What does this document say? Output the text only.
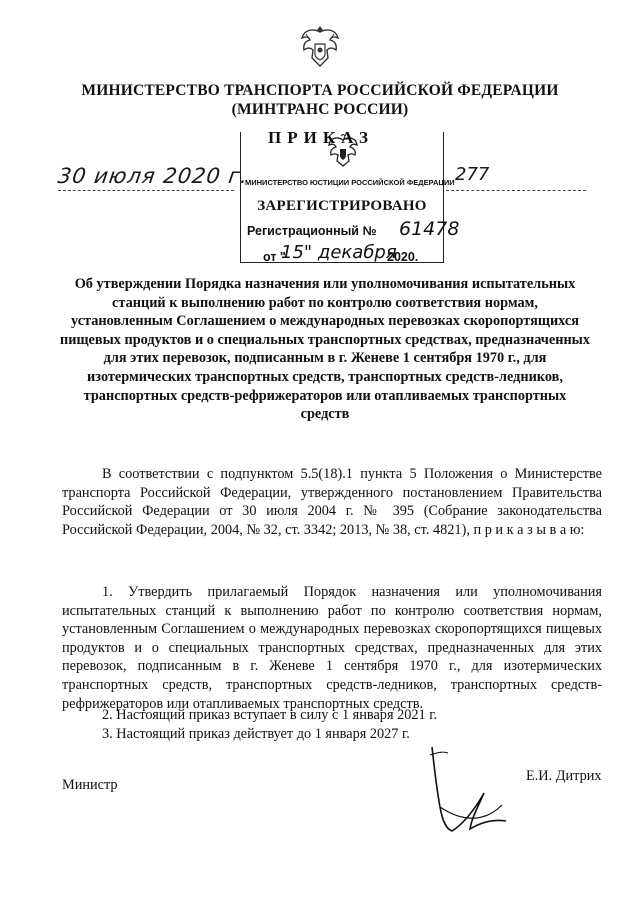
МИНИСТЕРСТВО ТРАНСПОРТА РОССИЙСКОЙ ФЕДЕРАЦИИ
(МИНТРАНС РОССИИ)
МИНИСТЕРСТВО ЮСТИЦИИ РОССИЙСКОЙ ФЕДЕРАЦИИ
ЗАРЕГИСТРИРОВАНО
Регистрационный № 61478
от "
15" декабря
2020.
ПРИКАЗ
30 июля 2020 г.	277
Об утверждении Порядка назначения или уполномочивания испытательных станций к выполнению работ по контролю соответствия нормам, установленным Соглашением о международных перевозках скоропортящихся пищевых продуктов и о специальных транспортных средствах, предназначенных для этих перевозок, подписанным в г. Женеве 1 сентября 1970 г., для изотермических транспортных средств, транспортных средств-ледников, транспортных средств-рефрижераторов или отапливаемых транспортных средств
В соответствии с подпунктом 5.5(18).1 пункта 5 Положения о Министерстве транспорта Российской Федерации, утвержденного постановлением Правительства Российской Федерации от 30 июля 2004 г. № 395 (Собрание законодательства Российской Федерации, 2004, № 32, ст. 3342; 2013, № 38, ст. 4821), п р и к а з ы в а ю:
1. Утвердить прилагаемый Порядок назначения или уполномочивания испытательных станций к выполнению работ по контролю соответствия нормам, установленным Соглашением о международных перевозках скоропортящихся пищевых продуктов и о специальных транспортных средствах, предназначенных для этих перевозок, подписанным в г. Женеве 1 сентября 1970 г., для изотермических транспортных средств, транспортных средств-ледников, транспортных средств-рефрижераторов или отапливаемых транспортных средств.
2. Настоящий приказ вступает в силу с 1 января 2021 г.
3. Настоящий приказ действует до 1 января 2027 г.
Министр
Е.И. Дитрих
